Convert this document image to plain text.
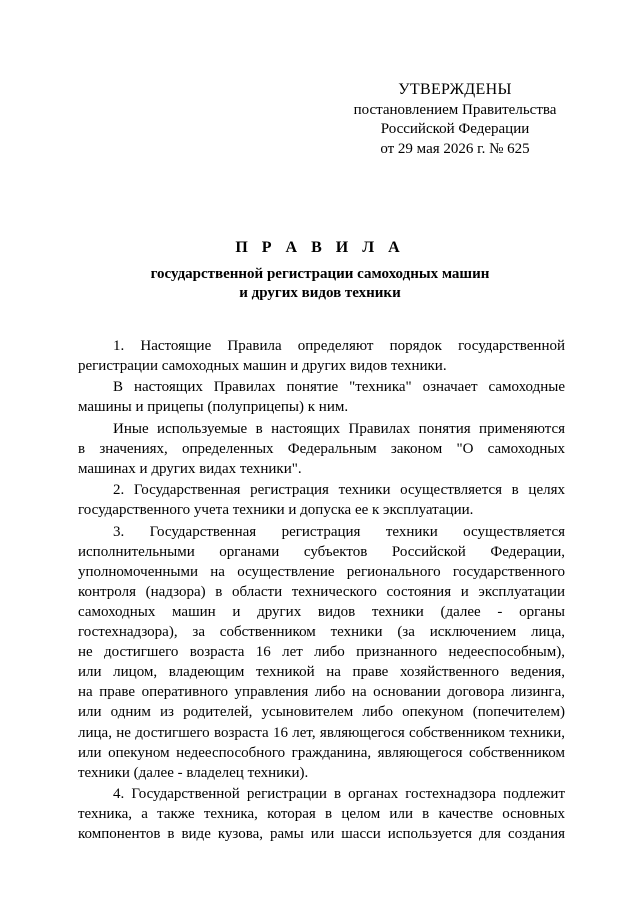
УТВЕРЖДЕНЫ
постановлением Правительства
Российской Федерации
от 29 мая 2026 г. № 625
П Р А В И Л А
государственной регистрации самоходных машин
и других видов техники
1. Настоящие Правила определяют порядок государственной
регистрации самоходных машин и других видов техники.
В настоящих Правилах понятие "техника" означает самоходные
машины и прицепы (полуприцепы) к ним.
Иные используемые в настоящих Правилах понятия применяются
в значениях, определенных Федеральным законом "О самоходных
машинах и других видах техники".
2. Государственная регистрация техники осуществляется в целях
государственного учета техники и допуска ее к эксплуатации.
3. Государственная регистрация техники осуществляется
исполнительными органами субъектов Российской Федерации,
уполномоченными на осуществление регионального государственного
контроля (надзора) в области технического состояния и эксплуатации
самоходных машин и других видов техники (далее - органы
гостехнадзора), за собственником техники (за исключением лица,
не достигшего возраста 16 лет либо признанного недееспособным),
или лицом, владеющим техникой на праве хозяйственного ведения,
на праве оперативного управления либо на основании договора лизинга,
или одним из родителей, усыновителем либо опекуном (попечителем)
лица, не достигшего возраста 16 лет, являющегося собственником техники,
или опекуном недееспособного гражданина, являющегося собственником
техники (далее - владелец техники).
4. Государственной регистрации в органах гостехнадзора подлежит
техника, а также техника, которая в целом или в качестве основных
компонентов в виде кузова, рамы или шасси используется для создания
